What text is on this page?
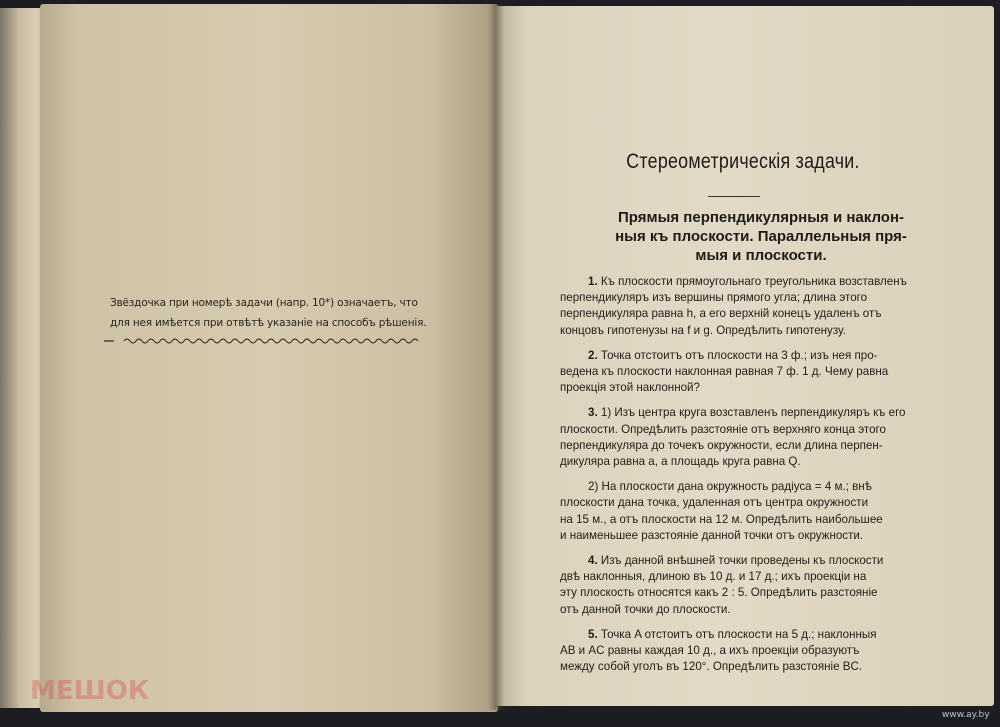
Звёздочка при номерѣ задачи (напр. 10*) означаетъ, что

для нея имѣется при отвѣтѣ указаніе на способъ рѣшенія.

Стереометрическія задачи.

Прямыя перпендикулярныя и наклон-

ныя къ плоскости. Параллельныя пря-

мыя и плоскости.

1. Къ плоскости прямоугольнаго треугольника возставленъ
перпендикуляръ изъ вершины прямого угла; длина этого
перпендикуляра равна h, а его верхній конецъ удаленъ отъ
концовъ гипотенузы на f и g. Опредѣлить гипотенузу.
2. Точка отстоитъ отъ плоскости на 3 ф.; изъ нея про-
ведена къ плоскости наклонная равная 7 ф. 1 д. Чему равна
проекція этой наклонной?
3. 1) Изъ центра круга возставленъ перпендикуляръ къ его
плоскости. Опредѣлить разстояніе отъ верхняго конца этого
перпендикуляра до точекъ окружности, если длина перпен-
дикуляра равна a, а площадь круга равна Q.
2) На плоскости дана окружность радіуса = 4 м.; внѣ
плоскости дана точка, удаленная отъ центра окружности
на 15 м., а отъ плоскости на 12 м. Опредѣлить наибольшее
и наименьшее разстояніе данной точки отъ окружности.
4. Изъ данной внѣшней точки проведены къ плоскости
двѣ наклонныя, длиною въ 10 д. и 17 д.; ихъ проекціи на
эту плоскость относятся какъ 2 : 5. Опредѣлить разстояніе
отъ данной точки до плоскости.
5. Точка A отстоитъ отъ плоскости на 5 д.; наклонныя
AB и AC равны каждая 10 д., а ихъ проекціи образуютъ
между собой уголъ въ 120°. Опредѣлить разстояніе BC.
МЕШОК
www.ay.by
